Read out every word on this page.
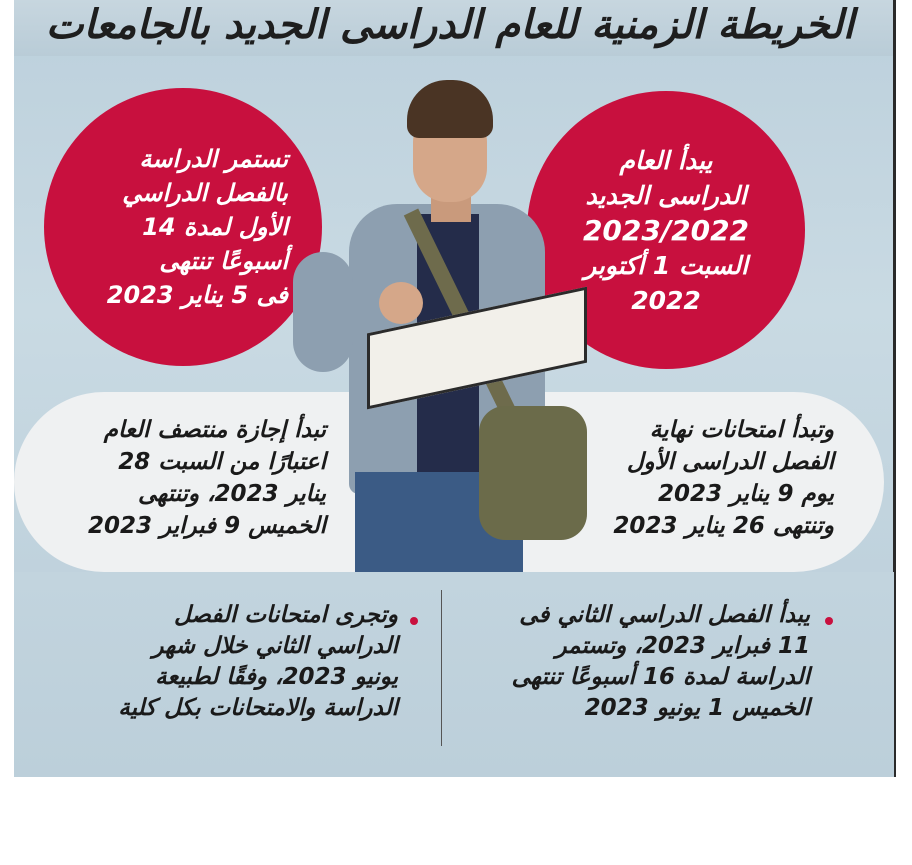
الخريطة الزمنية للعام الدراسى الجديد بالجامعات
يبدأ العام
الدراسى الجديد
2023/2022
السبت 1 أكتوبر
2022
تستمر الدراسة
بالفصل الدراسي
الأول لمدة 14
أسبوعًا تنتهى
فى 5 يناير 2023
وتبدأ امتحانات نهاية
الفصل الدراسى الأول
يوم 9 يناير 2023
وتنتهى 26 يناير 2023
تبدأ إجازة منتصف العام
اعتبارًا من السبت 28
يناير 2023، وتنتهى
الخميس 9 فبراير 2023
يبدأ الفصل الدراسي الثاني فى
11 فبراير 2023، وتستمر
الدراسة لمدة 16 أسبوعًا تنتهى
الخميس 1 يونيو 2023
وتجرى امتحانات الفصل
الدراسي الثاني خلال شهر
يونيو 2023، وفقًا لطبيعة
الدراسة والامتحانات بكل كلية
